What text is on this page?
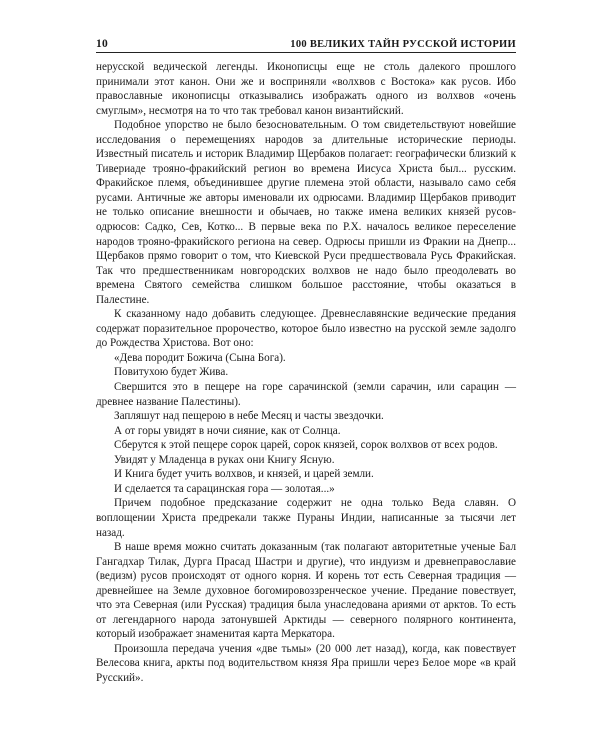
10	100 ВЕЛИКИХ ТАЙН РУССКОЙ ИСТОРИИ

нерусской ведической легенды. Иконописцы еще не столь далекого прошлого принимали этот канон. Они же и восприняли «волхвов с Востока» как русов. Ибо православные иконописцы отказывались изображать одного из волхвов «очень смуглым», несмотря на то что так требовал канон византийский.

Подобное упорство не было безосновательным. О том свидетельствуют новейшие исследования о перемещениях народов за длительные исторические периоды. Известный писатель и историк Владимир Щербаков полагает: географически близкий к Тивериаде трояно-фракийский регион во времена Иисуса Христа был... русским. Фракийское племя, объединившее другие племена этой области, называло само себя русами. Античные же авторы именовали их одрюсами. Владимир Щербаков приводит не только описание внешности и обычаев, но также имена великих князей русов-одрюсов: Садко, Сев, Котко... В первые века по Р.Х. началось великое переселение народов трояно-фракийского региона на север. Одрюсы пришли из Фракии на Днепр... Щербаков прямо говорит о том, что Киевской Руси предшествовала Русь Фракийская. Так что предшественникам новгородских волхвов не надо было преодолевать во времена Святого семейства слишком большое расстояние, чтобы оказаться в Палестине.

К сказанному надо добавить следующее. Древнеславянские ведические предания содержат поразительное пророчество, которое было известно на русской земле задолго до Рождества Христова. Вот оно:

«Дева породит Божича (Сына Бога).

Повитухою будет Жива.

Свершится это в пещере на горе сарачинской (земли сарачин, или сарацин — древнее название Палестины).

Запляшут над пещерою в небе Месяц и часты звездочки.

А от горы увидят в ночи сияние, как от Солнца.

Сберутся к этой пещере сорок царей, сорок князей, сорок волхвов от всех родов.

Увидят у Младенца в руках они Книгу Ясную.

И Книга будет учить волхвов, и князей, и царей земли.

И сделается та сарацинская гора — золотая...»

Причем подобное предсказание содержит не одна только Веда славян. О воплощении Христа предрекали также Пураны Индии, написанные за тысячи лет назад.

В наше время можно считать доказанным (так полагают авторитетные ученые Бал Гангадхар Тилак, Дурга Прасад Шастри и другие), что индуизм и древнеправославие (ведизм) русов происходят от одного корня. И корень тот есть Северная традиция — древнейшее на Земле духовное богомировоззренческое учение. Предание повествует, что эта Северная (или Русская) традиция была унаследована ариями от арктов. То есть от легендарного народа затонувшей Арктиды — северного полярного континента, который изображает знаменитая карта Меркатора.

Произошла передача учения «две тьмы» (20 000 лет назад), когда, как повествует Велесова книга, аркты под водительством князя Яра пришли через Белое море «в край Русский».
